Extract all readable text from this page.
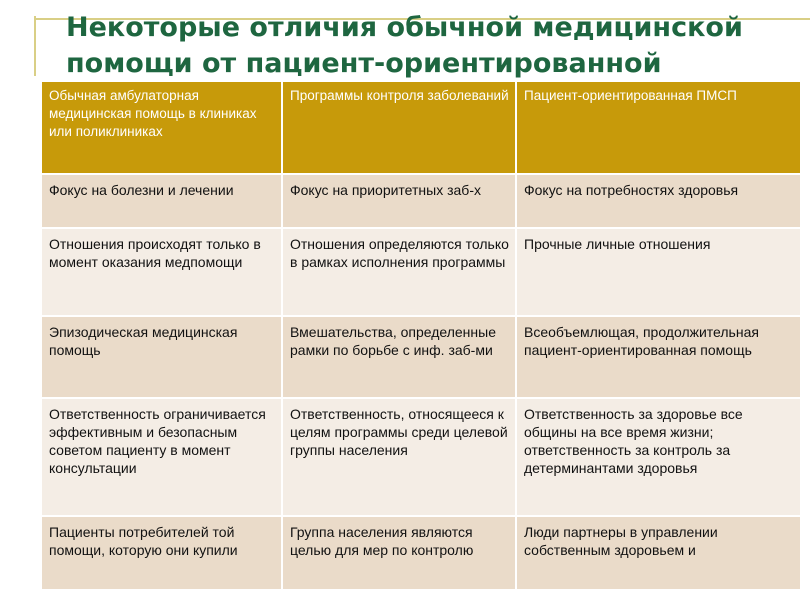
Некоторые отличия обычной медицинской помощи от пациент-ориентированной
Обычная амбулаторная медицинская помощь в клиниках или поликлиниках	Программы контроля заболеваний	Пациент-ориентированная ПМСП
Фокус на болезни и лечении	Фокус на приоритетных заб-х	Фокус на потребностях здоровья
Отношения происходят только в момент оказания медпомощи	Отношения определяются только в рамках исполнения программы	Прочные личные отношения
Эпизодическая медицинская помощь	Вмешательства, определенные рамки по борьбе с инф. заб-ми	Всеобъемлющая, продолжительная пациент-ориентированная помощь
Ответственность ограничивается эффективным и безопасным советом пациенту в момент консультации	Ответственность, относящееся к целям программы среди целевой группы населения	Ответственность за здоровье все общины на все время жизни; ответственность за контроль за детерминантами здоровья
Пациенты потребителей той помощи, которую они купили	Группа населения являются целью для мер по контролю	Люди партнеры в управлении собственным здоровьем и
